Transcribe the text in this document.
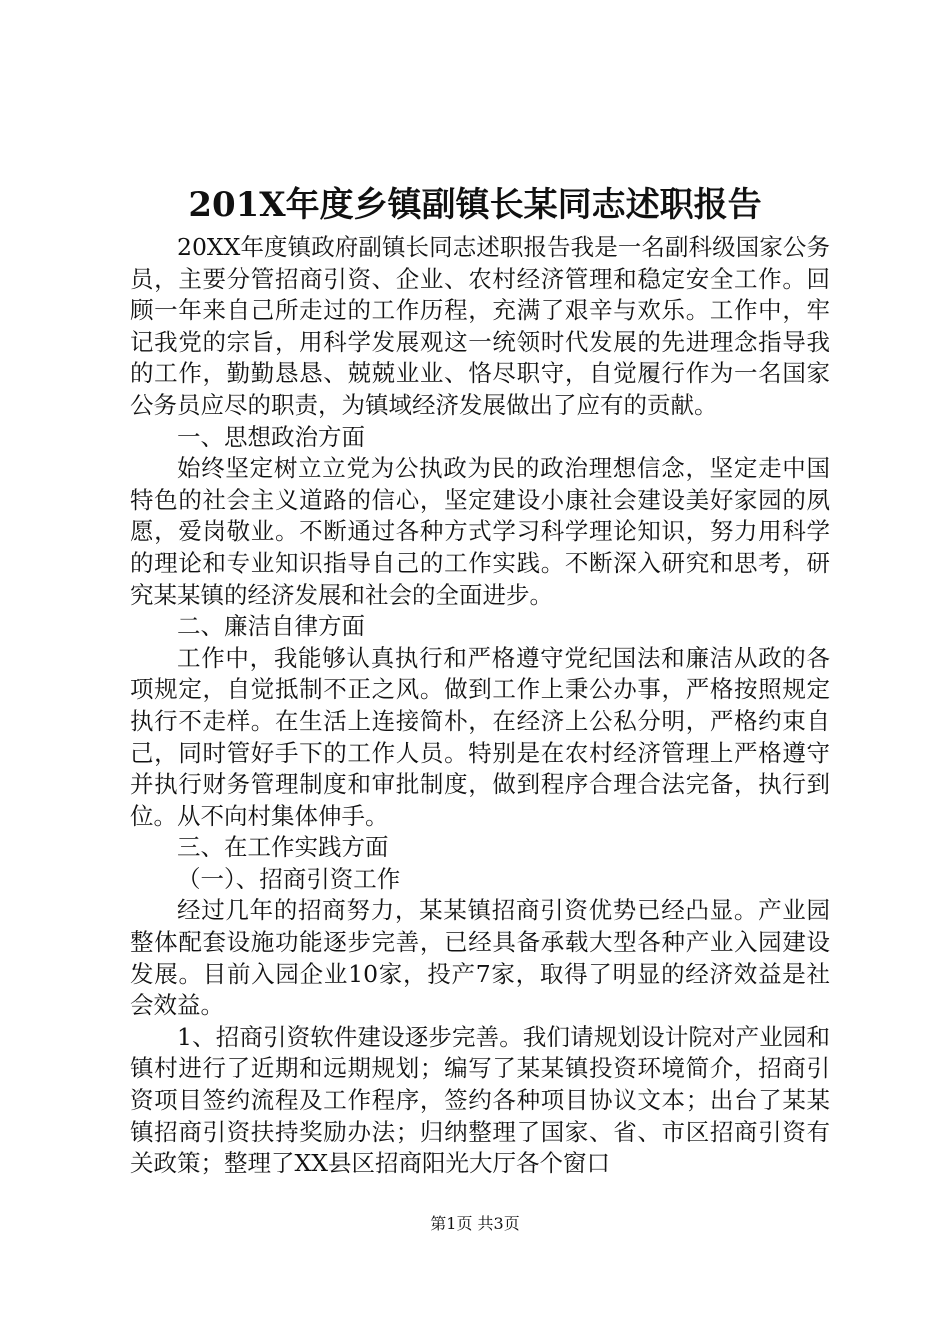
201X年度乡镇副镇长某同志述职报告

20XX年度镇政府副镇长同志述职报告我是一名副科级国家公务员，主要分管招商引资、企业、农村经济管理和稳定安全工作。回顾一年来自己所走过的工作历程，充满了艰辛与欢乐。工作中，牢记我党的宗旨，用科学发展观这一统领时代发展的先进理念指导我的工作，勤勤恳恳、兢兢业业、恪尽职守，自觉履行作为一名国家公务员应尽的职责，为镇域经济发展做出了应有的贡献。

一、思想政治方面

始终坚定树立立党为公执政为民的政治理想信念，坚定走中国特色的社会主义道路的信心，坚定建设小康社会建设美好家园的夙愿，爱岗敬业。不断通过各种方式学习科学理论知识，努力用科学的理论和专业知识指导自己的工作实践。不断深入研究和思考，研究某某镇的经济发展和社会的全面进步。

二、廉洁自律方面

工作中，我能够认真执行和严格遵守党纪国法和廉洁从政的各项规定，自觉抵制不正之风。做到工作上秉公办事，严格按照规定执行不走样。在生活上连接简朴，在经济上公私分明，严格约束自己，同时管好手下的工作人员。特别是在农村经济管理上严格遵守并执行财务管理制度和审批制度，做到程序合理合法完备，执行到位。从不向村集体伸手。

三、在工作实践方面

（一）、招商引资工作

经过几年的招商努力，某某镇招商引资优势已经凸显。产业园整体配套设施功能逐步完善，已经具备承载大型各种产业入园建设发展。目前入园企业10家，投产7家，取得了明显的经济效益是社会效益。

1、招商引资软件建设逐步完善。我们请规划设计院对产业园和镇村进行了近期和远期规划；编写了某某镇投资环境简介，招商引资项目签约流程及工作程序，签约各种项目协议文本；出台了某某镇招商引资扶持奖励办法；归纳整理了国家、省、市区招商引资有关政策；整理了XX县区招商阳光大厅各个窗口

第1页 共3页
